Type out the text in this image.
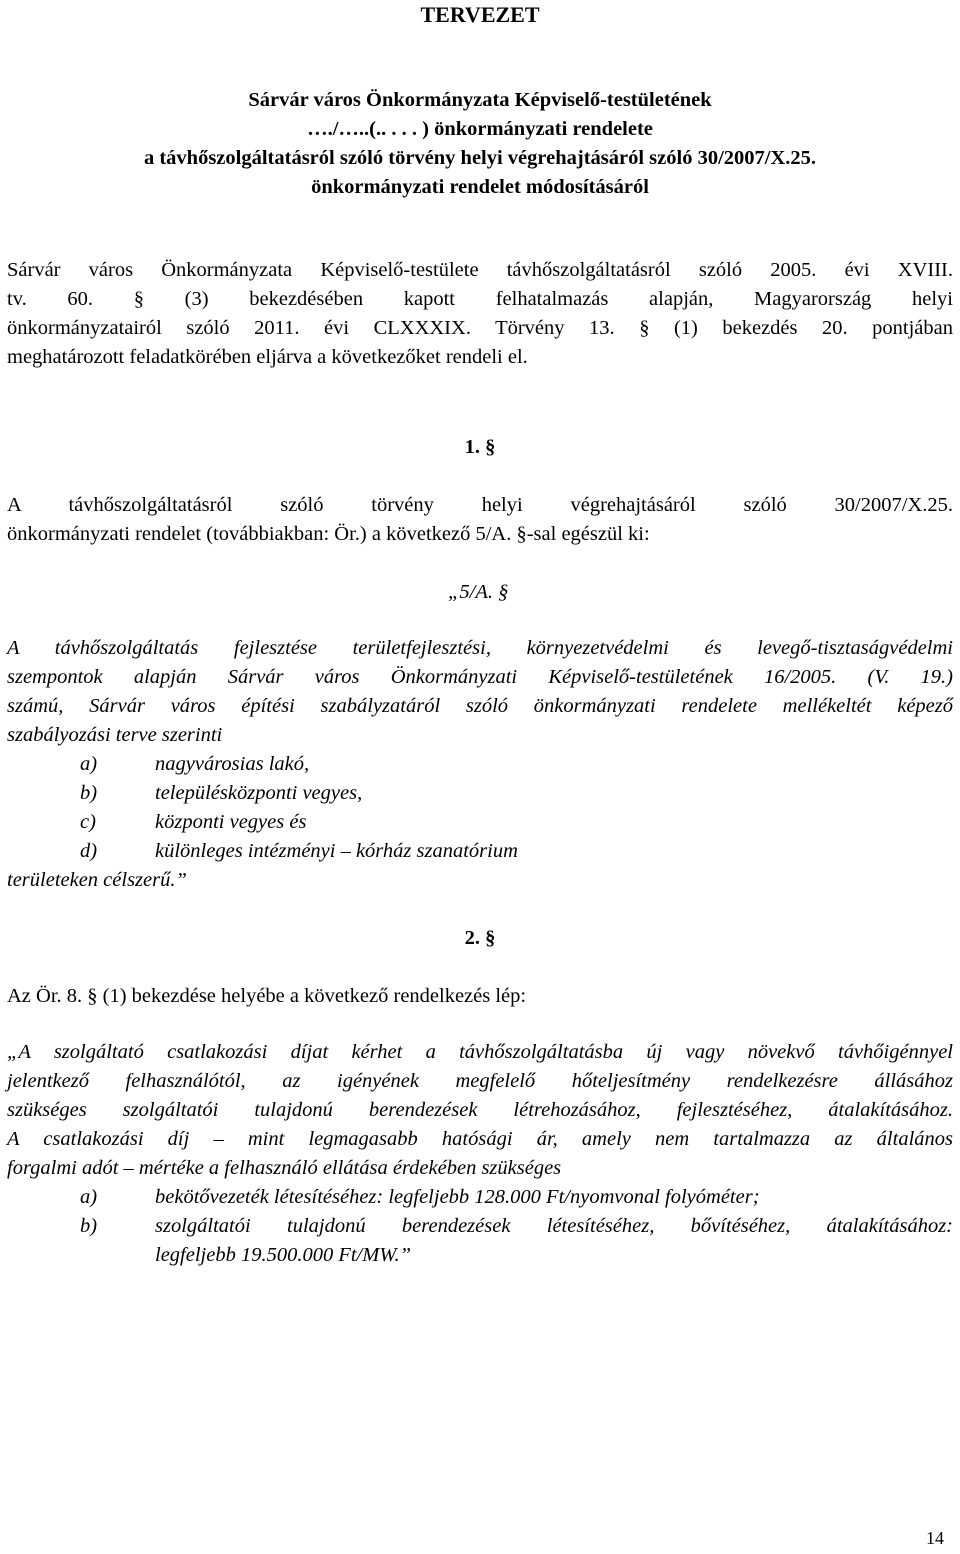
TERVEZET
Sárvár város Önkormányzata Képviselő-testületének
…./…..(.. . . . ) önkormányzati rendelete
a távhőszolgáltatásról szóló törvény helyi végrehajtásáról szóló 30/2007/X.25.
önkormányzati rendelet módosításáról
Sárvár város Önkormányzata Képviselő-testülete távhőszolgáltatásról szóló 2005. évi XVIII.
tv. 60. § (3) bekezdésében kapott felhatalmazás alapján, Magyarország helyi
önkormányzatairól szóló 2011. évi CLXXXIX. Törvény 13. § (1) bekezdés 20. pontjában
meghatározott feladatkörében eljárva a következőket rendeli el.
1. §
A távhőszolgáltatásról szóló törvény helyi végrehajtásáról szóló 30/2007/X.25.
önkormányzati rendelet (továbbiakban: Ör.) a következő 5/A. §-sal egészül ki:
„5/A. §
A távhőszolgáltatás fejlesztése területfejlesztési, környezetvédelmi és levegő-tisztaságvédelmi
szempontok alapján Sárvár város Önkormányzati Képviselő-testületének 16/2005. (V. 19.)
számú, Sárvár város építési szabályzatáról szóló önkormányzati rendelete mellékeltét képező
szabályozási terve szerinti
a)	nagyvárosias lakó,
b)	településközponti vegyes,
c)	központi vegyes és
d)	különleges intézményi – kórház szanatórium
területeken célszerű.”
2. §
Az Ör. 8. § (1) bekezdése helyébe a következő rendelkezés lép:
„A szolgáltató csatlakozási díjat kérhet a távhőszolgáltatásba új vagy növekvő távhőigénnyel
jelentkező felhasználótól, az igényének megfelelő hőteljesítmény rendelkezésre állásához
szükséges szolgáltatói tulajdonú berendezések létrehozásához, fejlesztéséhez, átalakításához.
A csatlakozási díj – mint legmagasabb hatósági ár, amely nem tartalmazza az általános
forgalmi adót – mértéke a felhasználó ellátása érdekében szükséges
a)	bekötővezeték létesítéséhez: legfeljebb 128.000 Ft/nyomvonal folyóméter;
b)	szolgáltatói tulajdonú berendezések létesítéséhez, bővítéséhez, átalakításához:
legfeljebb 19.500.000 Ft/MW.”
14
